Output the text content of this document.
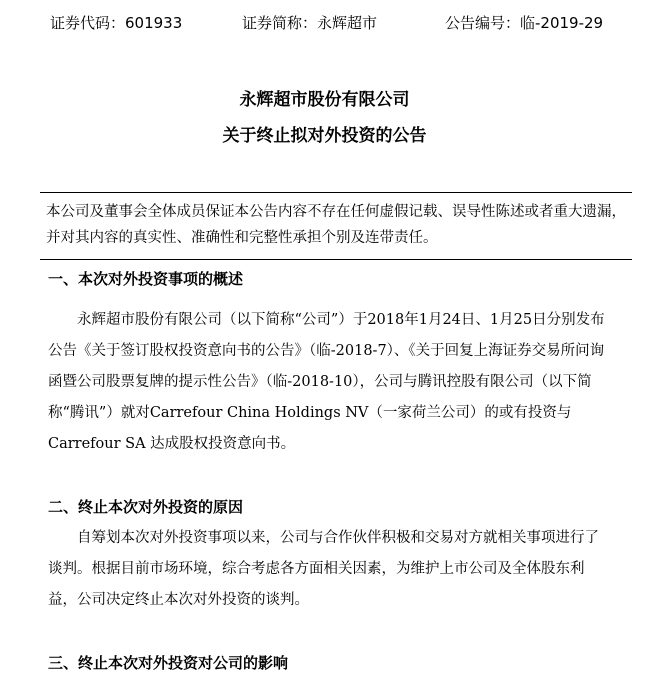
证券代码：601933	证券简称：永辉超市	公告编号：临-2019-29
永辉超市股份有限公司
关于终止拟对外投资的公告
本公司及董事会全体成员保证本公告内容不存在任何虚假记载、误导性陈述或者重大遗漏，并对其内容的真实性、准确性和完整性承担个别及连带责任。
一、本次对外投资事项的概述

永辉超市股份有限公司（以下简称“公司”）于2018年1月24日、1月25日分别发布公告《关于签订股权投资意向书的公告》（临-2018-7）、《关于回复上海证券交易所问询函暨公司股票复牌的提示性公告》（临-2018-10），公司与腾讯控股有限公司（以下简称“腾讯”）就对Carrefour China Holdings NV（一家荷兰公司）的或有投资与Carrefour SA 达成股权投资意向书。

二、终止本次对外投资的原因

自筹划本次对外投资事项以来，公司与合作伙伴积极和交易对方就相关事项进行了谈判。根据目前市场环境，综合考虑各方面相关因素，为维护上市公司及全体股东利益，公司决定终止本次对外投资的谈判。

三、终止本次对外投资对公司的影响
